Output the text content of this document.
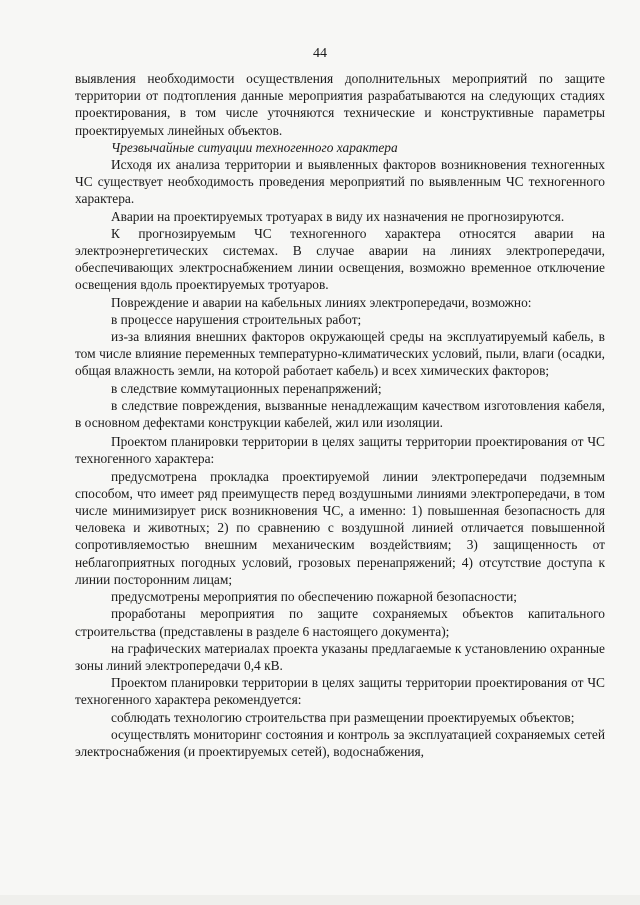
44

выявления необходимости осуществления дополнительных мероприятий по защите территории от подтопления данные мероприятия разрабатываются на следующих стадиях проектирования, в том числе уточняются технические и конструктивные параметры проектируемых линейных объектов.

Чрезвычайные ситуации техногенного характера

Исходя их анализа территории и выявленных факторов возникновения техногенных ЧС существует необходимость проведения мероприятий по выявленным ЧС техногенного характера.

Аварии на проектируемых тротуарах в виду их назначения не прогнозируются.

К прогнозируемым ЧС техногенного характера относятся аварии на электроэнергетических системах. В случае аварии на линиях электропередачи, обеспечивающих электроснабжением линии освещения, возможно временное отключение освещения вдоль проектируемых тротуаров.

Повреждение и аварии на кабельных линиях электропередачи, возможно:

в процессе нарушения строительных работ;

из-за влияния внешних факторов окружающей среды на эксплуатируемый кабель, в том числе влияние переменных температурно-климатических условий, пыли, влаги (осадки, общая влажность земли, на которой работает кабель) и всех химических факторов;

в следствие коммутационных перенапряжений;

в следствие повреждения, вызванные ненадлежащим качеством изготовления кабеля, в основном дефектами конструкции кабелей, жил или изоляции.

Проектом планировки территории в целях защиты территории проектирования от ЧС техногенного характера:

предусмотрена прокладка проектируемой линии электропередачи подземным способом, что имеет ряд преимуществ перед воздушными линиями электропередачи, в том числе минимизирует риск возникновения ЧС, а именно: 1) повышенная безопасность для человека и животных; 2) по сравнению с воздушной линией отличается повышенной сопротивляемостью внешним механическим воздействиям; 3) защищенность от неблагоприятных погодных условий, грозовых перенапряжений; 4) отсутствие доступа к линии посторонним лицам;

предусмотрены мероприятия по обеспечению пожарной безопасности;

проработаны мероприятия по защите сохраняемых объектов капитального строительства (представлены в разделе 6 настоящего документа);

на графических материалах проекта указаны предлагаемые к установлению охранные зоны линий электропередачи 0,4 кВ.

Проектом планировки территории в целях защиты территории проектирования от ЧС техногенного характера рекомендуется:

соблюдать технологию строительства при размещении проектируемых объектов;

осуществлять мониторинг состояния и контроль за эксплуатацией сохраняемых сетей электроснабжения (и проектируемых сетей), водоснабжения,
